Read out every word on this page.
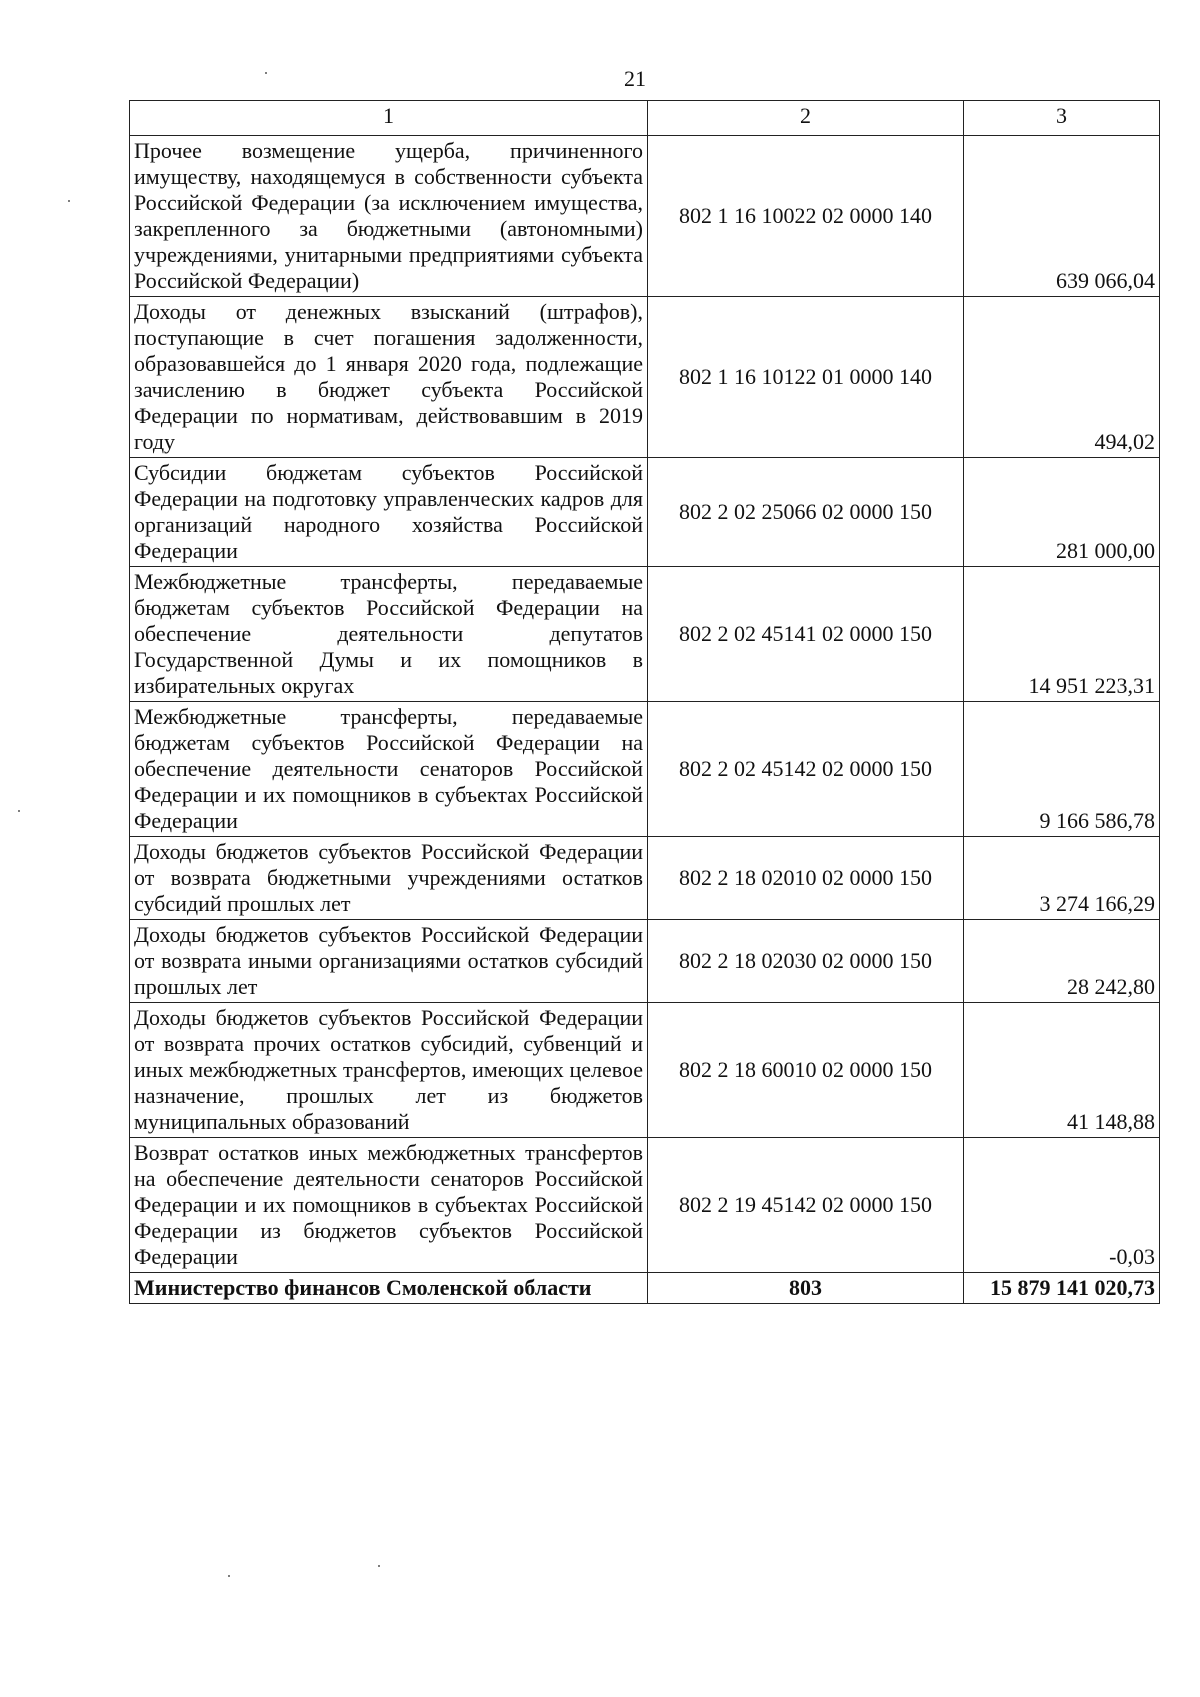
21
1	2	3
Прочее возмещение ущерба, причиненного имуществу, находящемуся в собственности субъекта Российской Федерации (за исключением имущества, закрепленного за бюджетными (автономными) учреждениями, унитарными предприятиями субъекта Российской Федерации)	802 1 16 10022 02 0000 140	639 066,04
Доходы от денежных взысканий (штрафов), поступающие в счет погашения задолженности, образовавшейся до 1 января 2020 года, подлежащие зачислению в бюджет субъекта Российской Федерации по нормативам, действовавшим в 2019 году	802 1 16 10122 01 0000 140	494,02
Субсидии бюджетам субъектов Российской Федерации на подготовку управленческих кадров для организаций народного хозяйства Российской Федерации	802 2 02 25066 02 0000 150	281 000,00
Межбюджетные трансферты, передаваемые бюджетам субъектов Российской Федерации на обеспечение деятельности депутатов Государственной Думы и их помощников в избирательных округах	802 2 02 45141 02 0000 150	14 951 223,31
Межбюджетные трансферты, передаваемые бюджетам субъектов Российской Федерации на обеспечение деятельности сенаторов Российской Федерации и их помощников в субъектах Российской Федерации	802 2 02 45142 02 0000 150	9 166 586,78
Доходы бюджетов субъектов Российской Федерации от возврата бюджетными учреждениями остатков субсидий прошлых лет	802 2 18 02010 02 0000 150	3 274 166,29
Доходы бюджетов субъектов Российской Федерации от возврата иными организациями остатков субсидий прошлых лет	802 2 18 02030 02 0000 150	28 242,80
Доходы бюджетов субъектов Российской Федерации от возврата прочих остатков субсидий, субвенций и иных межбюджетных трансфертов, имеющих целевое назначение, прошлых лет из бюджетов муниципальных образований	802 2 18 60010 02 0000 150	41 148,88
Возврат остатков иных межбюджетных трансфертов на обеспечение деятельности сенаторов Российской Федерации и их помощников в субъектах Российской Федерации из бюджетов субъектов Российской Федерации	802 2 19 45142 02 0000 150	-0,03
Министерство финансов Смоленской области	803	15 879 141 020,73
